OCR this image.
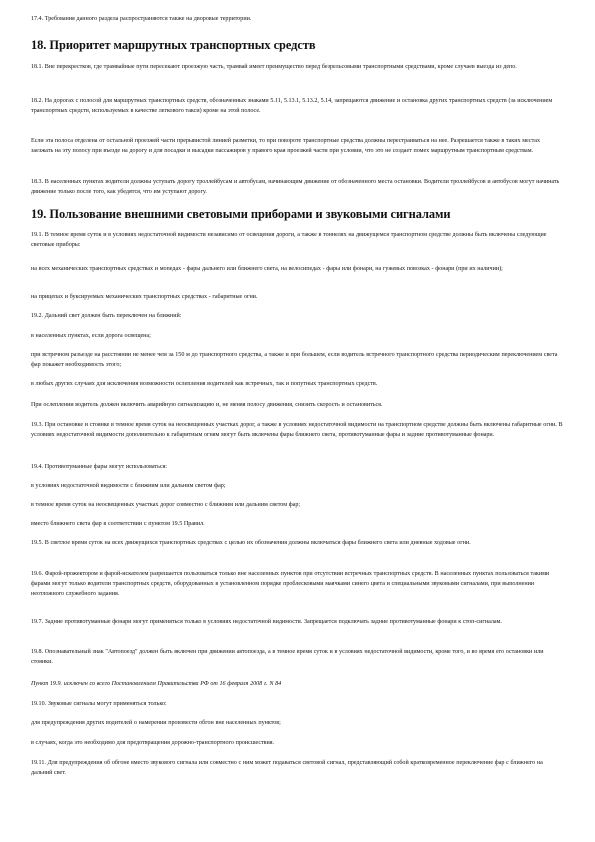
17.4. Требования данного раздела распространяются также на дворовые территории.

18. Приоритет маршрутных транспортных средств

18.1. Вне перекрестков, где трамвайные пути пересекают проезжую часть, трамвай имеет преимущество перед безрельсовыми транспортными средствами, кроме случаев выезда из депо.

18.2. На дорогах с полосой для маршрутных транспортных средств, обозначенных знаками 5.11, 5.13.1, 5.13.2, 5.14, запрещаются движение и остановка других транспортных средств (за исключением транспортных средств, используемых в качестве легкового такси) кроме на этой полосе.

Если эта полоса отделена от остальной проезжей части прерывистой линией разметки, то при повороте транспортные средства должны перестраиваться на нее. Разрешается также в таких местах заезжать на эту полосу при въезде на дорогу и для посадки и высадки пассажиров у правого края проезжей части при условии, что это не создает помех маршрутным транспортным средствам.

18.3. В населенных пунктах водители должны уступать дорогу троллейбусам и автобусам, начинающим движение от обозначенного места остановки. Водители троллейбусов и автобусов могут начинать движение только после того, как убедятся, что им уступают дорогу.

19. Пользование внешними световыми приборами и звуковыми сигналами

19.1. В темное время суток и в условиях недостаточной видимости независимо от освещения дороги, а также в тоннелях на движущемся транспортном средстве должны быть включены следующие световые приборы:

на всех механических транспортных средствах и мопедах - фары дальнего или ближнего света, на велосипедах - фары или фонари, на гужевых повозках - фонари (при их наличии);

на прицепах и буксируемых механических транспортных средствах - габаритные огни.

19.2. Дальний свет должен быть переключен на ближний:

в населенных пунктах, если дорога освещена;

при встречном разъезде на расстоянии не менее чем за 150 м до транспортного средства, а также и при большем, если водитель встречного транспортного средства периодическим переключением света фар покажет необходимость этого;

в любых других случаях для исключения возможности ослепления водителей как встречных, так и попутных транспортных средств.

При ослеплении водитель должен включить аварийную сигнализацию и, не меняя полосу движения, снизить скорость и остановиться.

19.3. При остановке и стоянке в темное время суток на неосвещенных участках дорог, а также в условиях недостаточной видимости на транспортном средстве должны быть включены габаритные огни. В условиях недостаточной видимости дополнительно к габаритным огням могут быть включены фары ближнего света, противотуманные фары и задние противотуманные фонари.

19.4. Противотуманные фары могут использоваться:

в условиях недостаточной видимости с ближним или дальним светом фар;

в темное время суток на неосвещенных участках дорог совместно с ближним или дальним светом фар;

вместо ближнего света фар в соответствии с пунктом 19.5 Правил.

19.5. В светлое время суток на всех движущихся транспортных средствах с целью их обозначения должны включаться фары ближнего света или дневные ходовые огни.

19.6. Фарой-прожектором и фарой-искателем разрешается пользоваться только вне населенных пунктов при отсутствии встречных транспортных средств. В населенных пунктах пользоваться такими фарами могут только водители транспортных средств, оборудованных в установленном порядке проблесковыми маячками синего цвета и специальными звуковыми сигналами, при выполнении неотложного служебного задания.

19.7. Задние противотуманные фонари могут применяться только в условиях недостаточной видимости. Запрещается подключать задние противотуманные фонари к стоп-сигналам.

19.8. Опознавательный знак "Автопоезд" должен быть включен при движении автопоезда, а в темное время суток и в условиях недостаточной видимости, кроме того, и во время его остановки или стоянки.

Пункт 19.9. исключен со всего Постановлением Правительства РФ от 16 февраля 2008 г. N 84

19.10. Звуковые сигналы могут применяться только:

для предупреждения других водителей о намерении произвести обгон вне населенных пунктов;

в случаях, когда это необходимо для предотвращения дорожно-транспортного происшествия.

19.11. Для предупреждения об обгоне вместо звукового сигнала или совместно с ним может подаваться световой сигнал, представляющий собой кратковременное переключение фар с ближнего на дальний свет.
